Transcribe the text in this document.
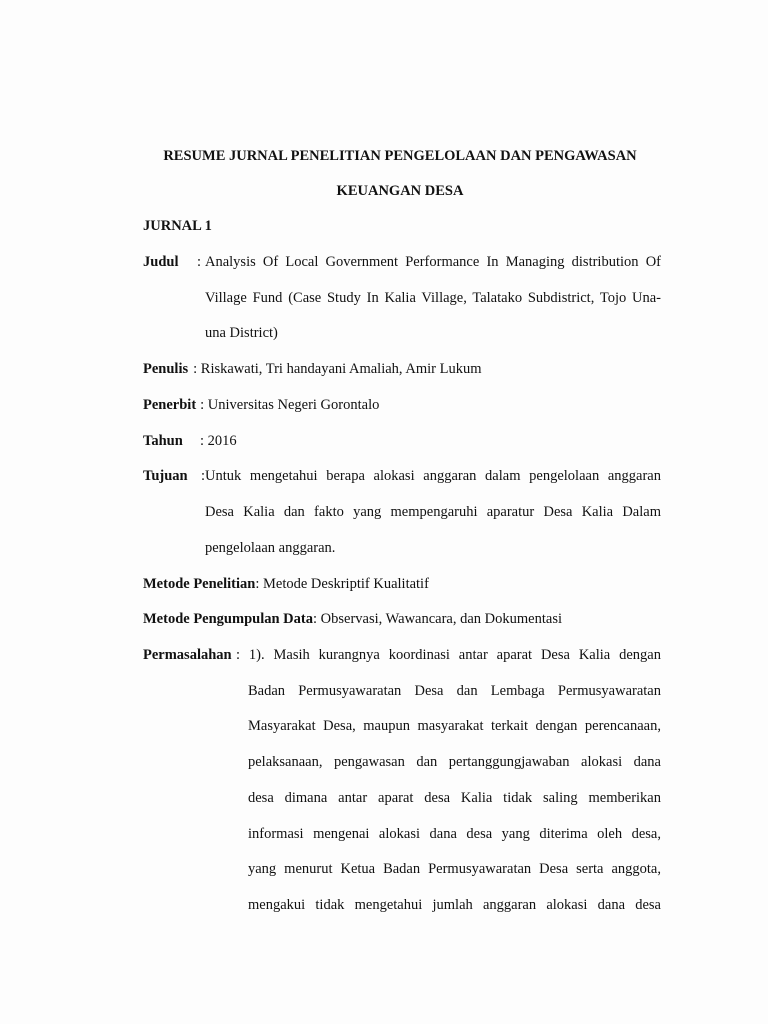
RESUME JURNAL PENELITIAN PENGELOLAAN DAN PENGAWASAN
KEUANGAN DESA
JURNAL 1
Judul : Analysis Of Local Government Performance In Managing distribution Of
Village Fund (Case Study In Kalia Village, Talatako Subdistrict, Tojo Una-
una District)
Penulis : Riskawati, Tri handayani Amaliah, Amir Lukum
Penerbit : Universitas Negeri Gorontalo
Tahun : 2016
Tujuan :Untuk mengetahui berapa alokasi anggaran dalam pengelolaan anggaran
Desa Kalia dan fakto yang mempengaruhi aparatur Desa Kalia Dalam
pengelolaan anggaran.
Metode Penelitian: Metode Deskriptif Kualitatif
Metode Pengumpulan Data: Observasi, Wawancara, dan Dokumentasi
Permasalahan : 1). Masih kurangnya koordinasi antar aparat Desa Kalia dengan
Badan Permusyawaratan Desa dan Lembaga Permusyawaratan
Masyarakat Desa, maupun masyarakat terkait dengan perencanaan,
pelaksanaan, pengawasan dan pertanggungjawaban alokasi dana
desa dimana antar aparat desa Kalia tidak saling memberikan
informasi mengenai alokasi dana desa yang diterima oleh desa,
yang menurut Ketua Badan Permusyawaratan Desa serta anggota,
mengakui tidak mengetahui jumlah anggaran alokasi dana desa
